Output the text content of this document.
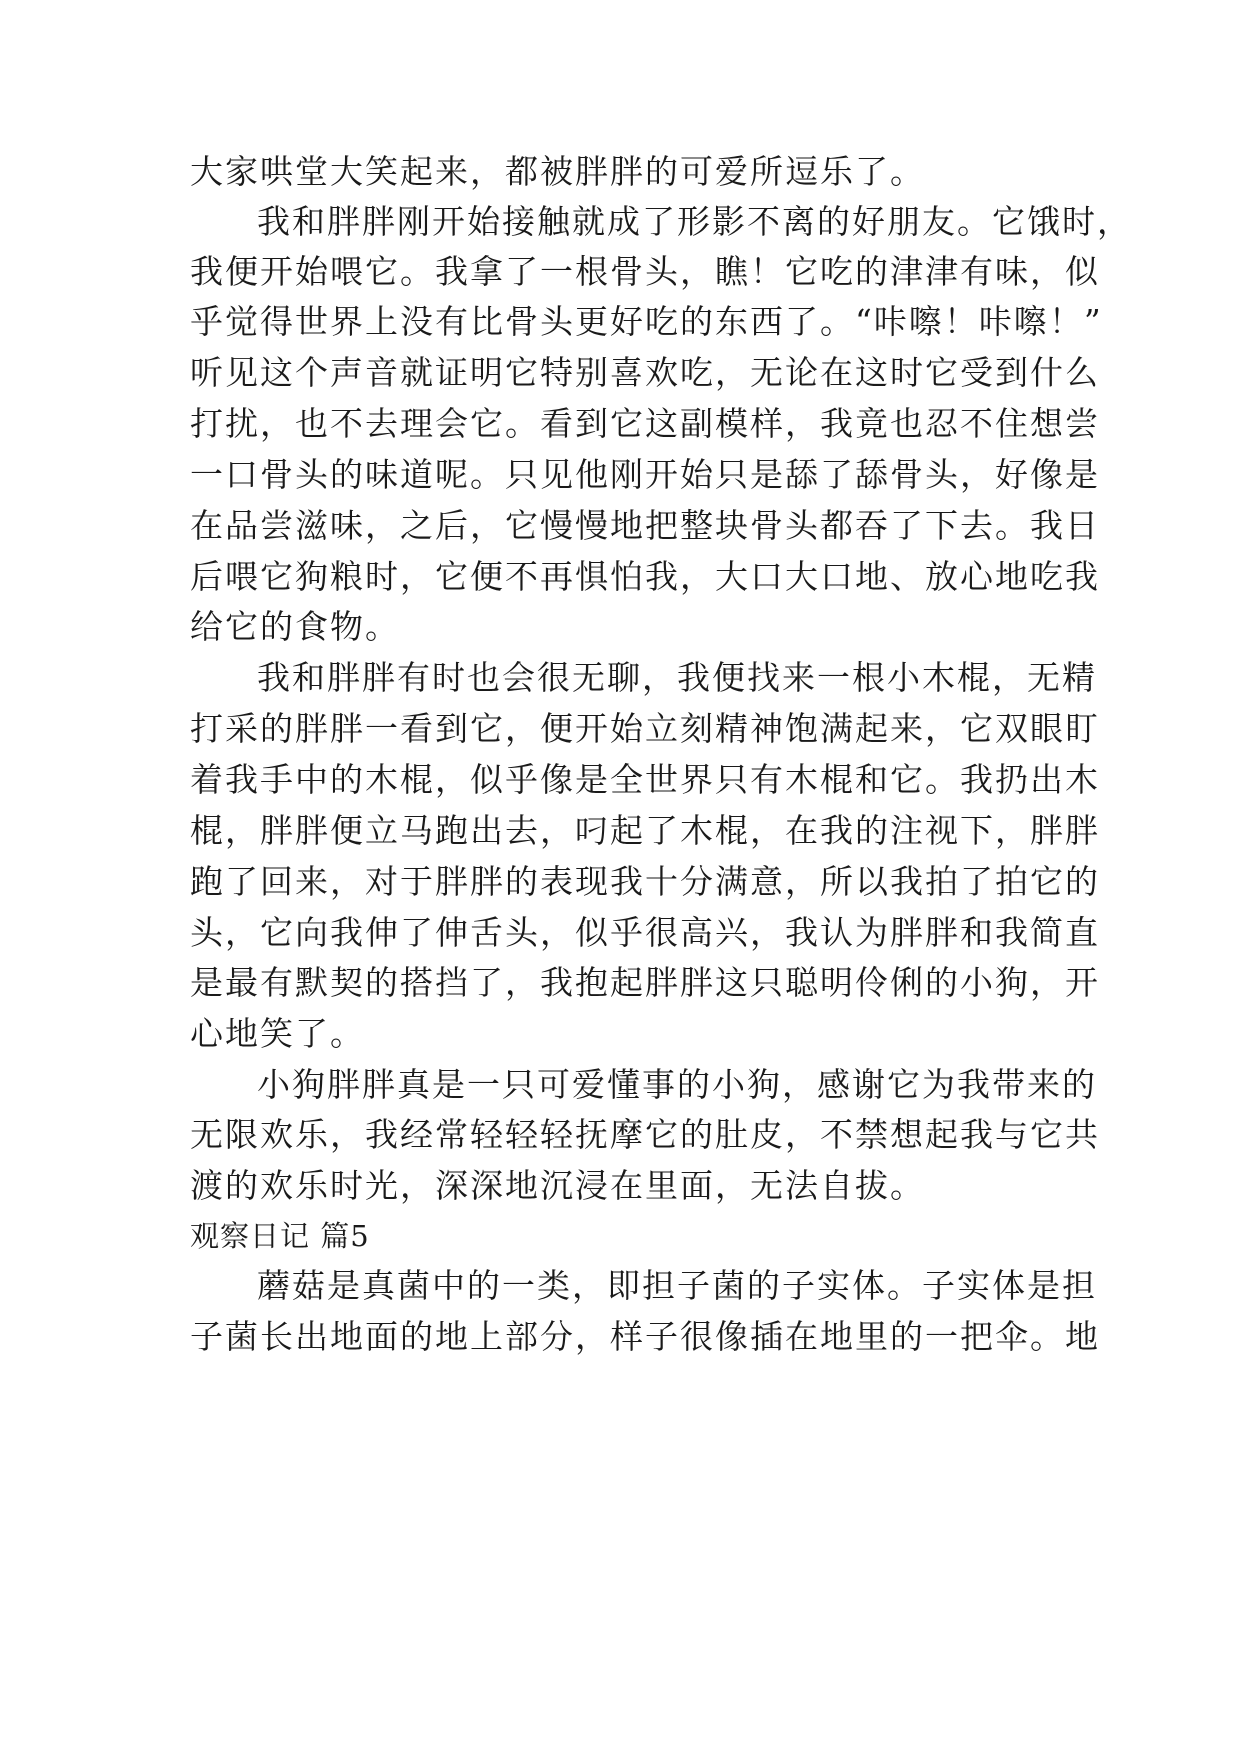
大家哄堂大笑起来，都被胖胖的可爱所逗乐了。
我和胖胖刚开始接触就成了形影不离的好朋友。它饿时，
我便开始喂它。我拿了一根骨头，瞧！它吃的津津有味，似
乎觉得世界上没有比骨头更好吃的东西了。“咔嚓！咔嚓！”
听见这个声音就证明它特别喜欢吃，无论在这时它受到什么
打扰，也不去理会它。看到它这副模样，我竟也忍不住想尝
一口骨头的味道呢。只见他刚开始只是舔了舔骨头，好像是
在品尝滋味，之后，它慢慢地把整块骨头都吞了下去。我日
后喂它狗粮时，它便不再惧怕我，大口大口地、放心地吃我
给它的食物。
我和胖胖有时也会很无聊，我便找来一根小木棍，无精
打采的胖胖一看到它，便开始立刻精神饱满起来，它双眼盯
着我手中的木棍，似乎像是全世界只有木棍和它。我扔出木
棍，胖胖便立马跑出去，叼起了木棍，在我的注视下，胖胖
跑了回来，对于胖胖的表现我十分满意，所以我拍了拍它的
头，它向我伸了伸舌头，似乎很高兴，我认为胖胖和我简直
是最有默契的搭挡了，我抱起胖胖这只聪明伶俐的小狗，开
心地笑了。
小狗胖胖真是一只可爱懂事的小狗，感谢它为我带来的
无限欢乐，我经常轻轻轻抚摩它的肚皮，不禁想起我与它共
渡的欢乐时光，深深地沉浸在里面，无法自拔。
观察日记 篇5
蘑菇是真菌中的一类，即担子菌的子实体。子实体是担
子菌长出地面的地上部分，样子很像插在地里的一把伞。地
